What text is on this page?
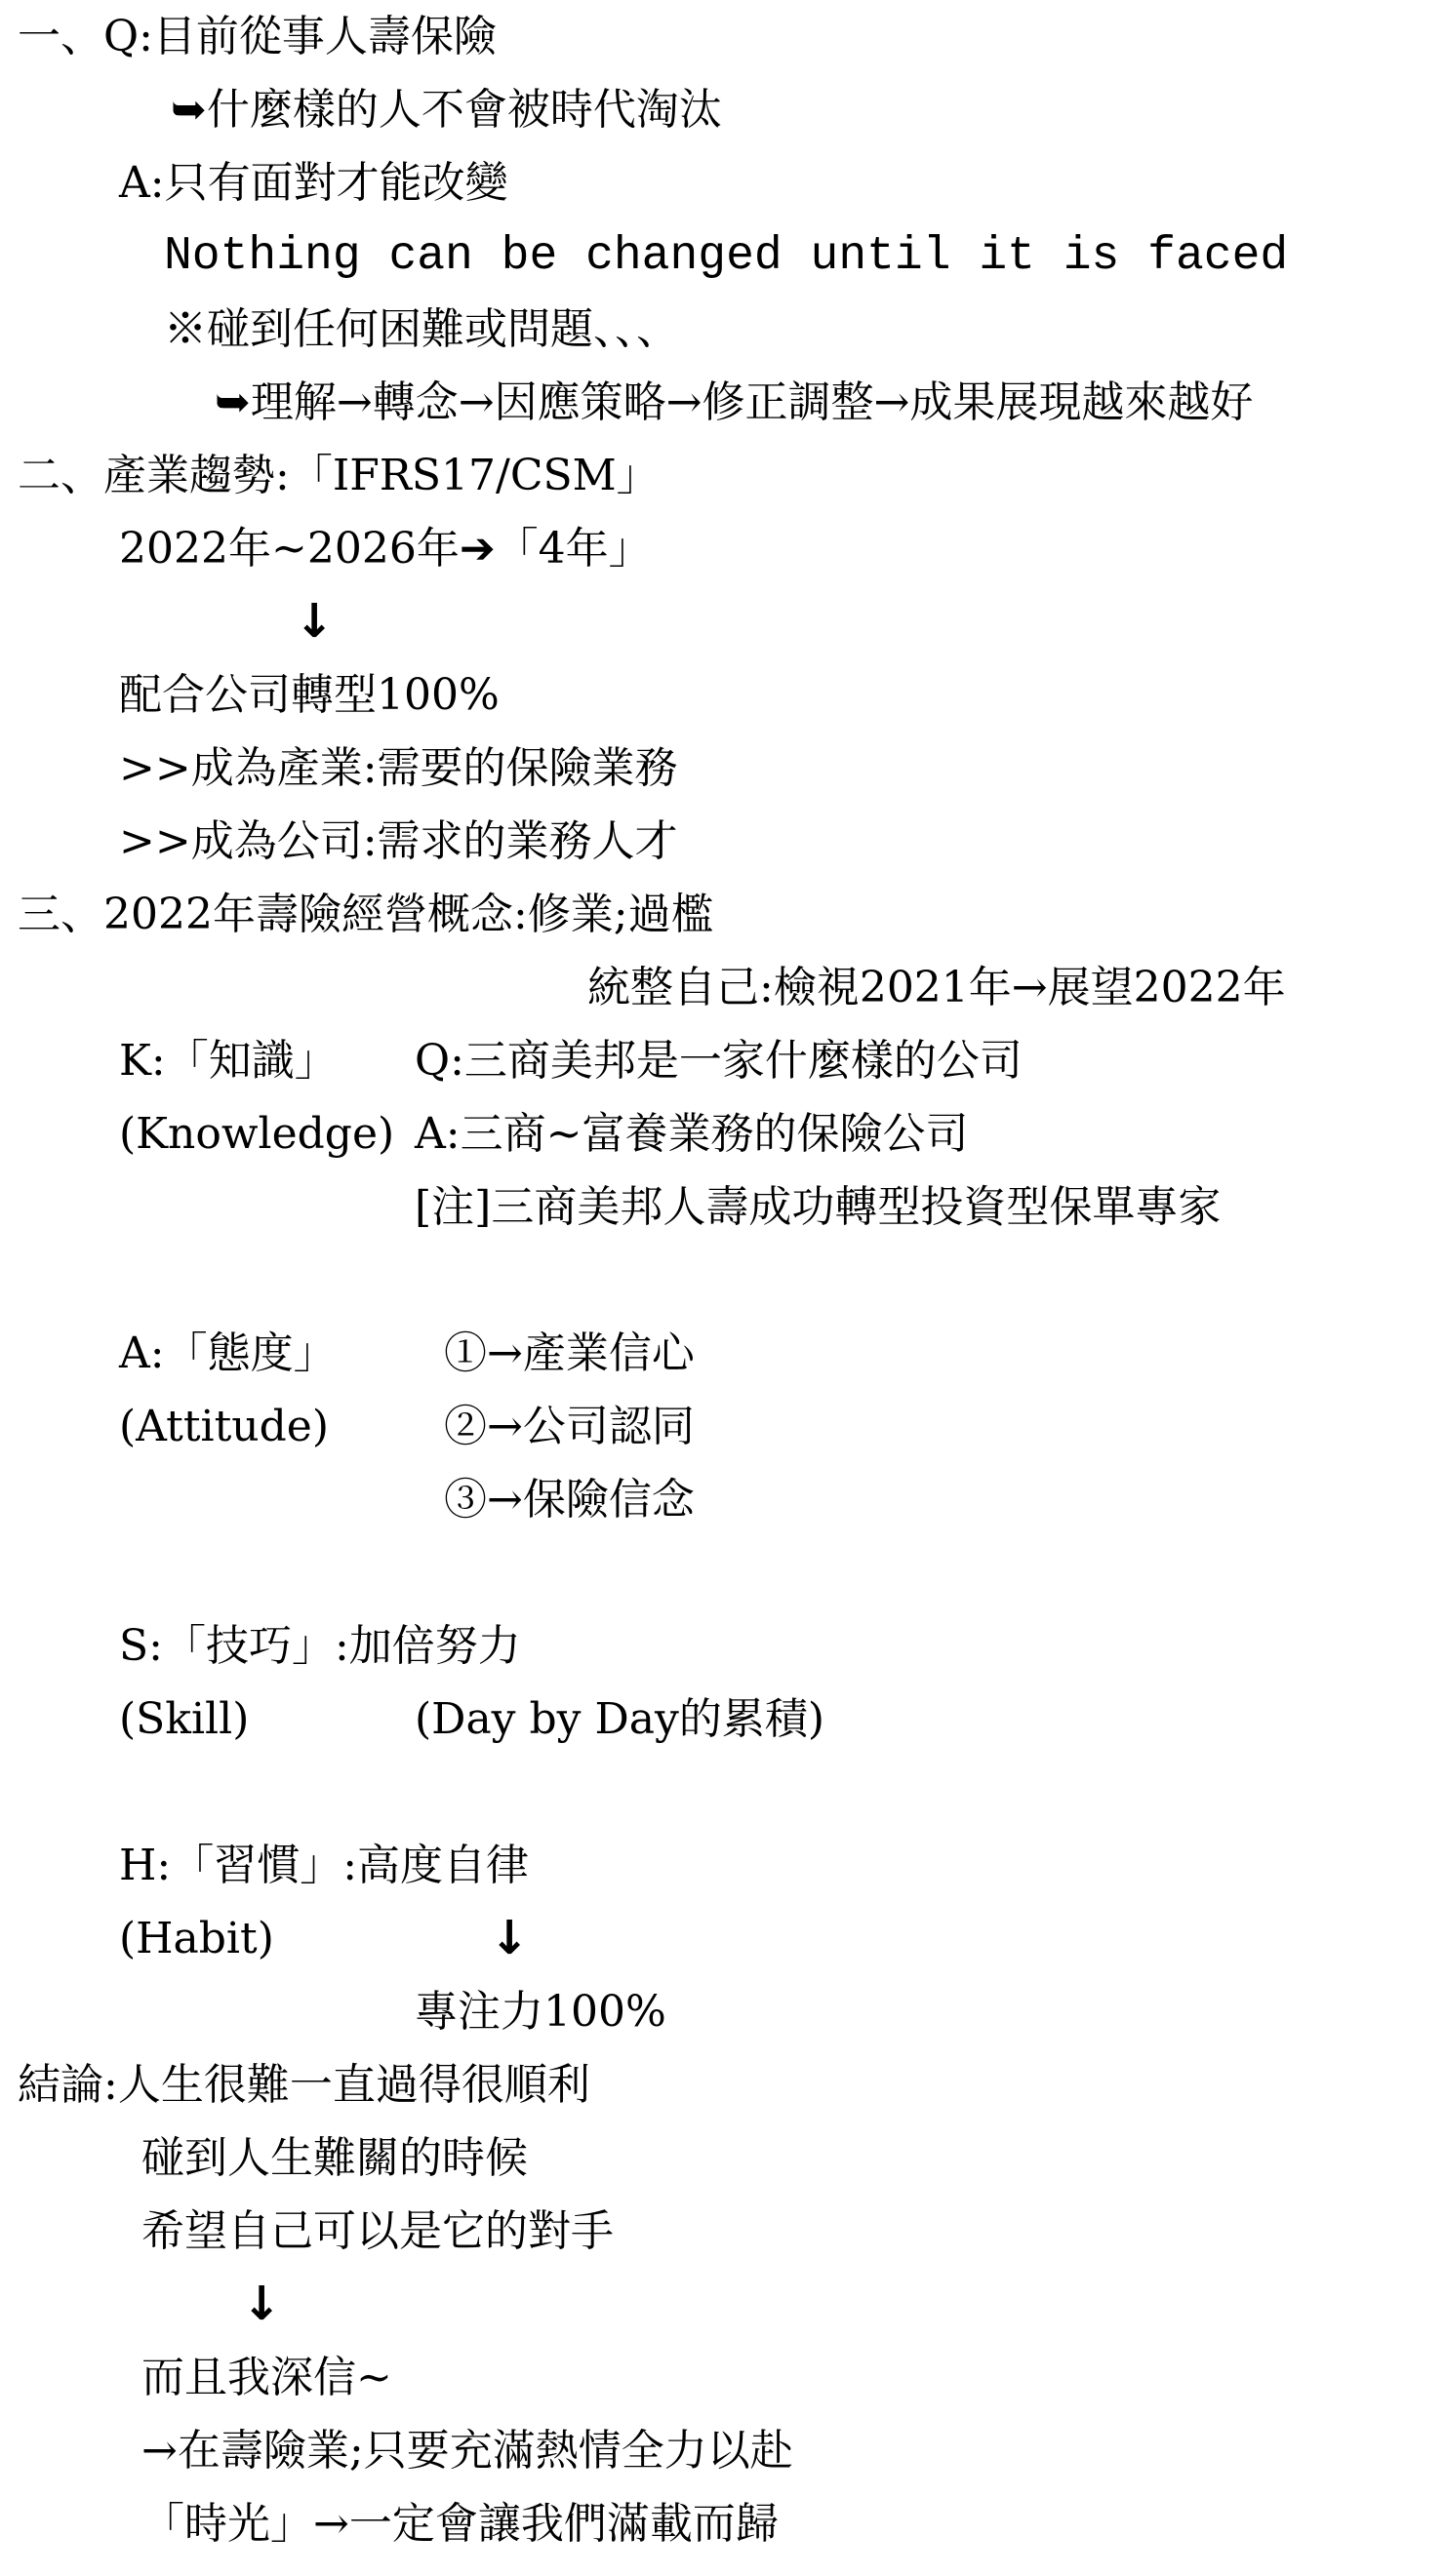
一、Q:目前從事人壽保險
➥什麼樣的人不會被時代淘汰
A:只有面對才能改變
Nothing can be changed until it is faced
※碰到任何困難或問題、、、
➥理解→轉念→因應策略→修正調整→成果展現越來越好
二、產業趨勢:「IFRS17/CSM」
2022年~2026年➔「4年」
↓
配合公司轉型100%
>>成為產業:需要的保險業務
>>成為公司:需求的業務人才
三、2022年壽險經營概念:修業;過檻
統整自己:檢視2021年→展望2022年
K:「知識」 Q:三商美邦是一家什麼樣的公司
(Knowledge) A:三商~富養業務的保險公司
[注]三商美邦人壽成功轉型投資型保單專家
A:「態度」	①→產業信心
(Attitude)	②→公司認同
③→保險信念
S:「技巧」:加倍努力
(Skill)	(Day by Day的累積)
H:「習慣」:高度自律
(Habit)	↓
專注力100%
結論:人生很難一直過得很順利
碰到人生難關的時候
希望自己可以是它的對手
↓
而且我深信~
→在壽險業;只要充滿熱情全力以赴
「時光」→一定會讓我們滿載而歸
